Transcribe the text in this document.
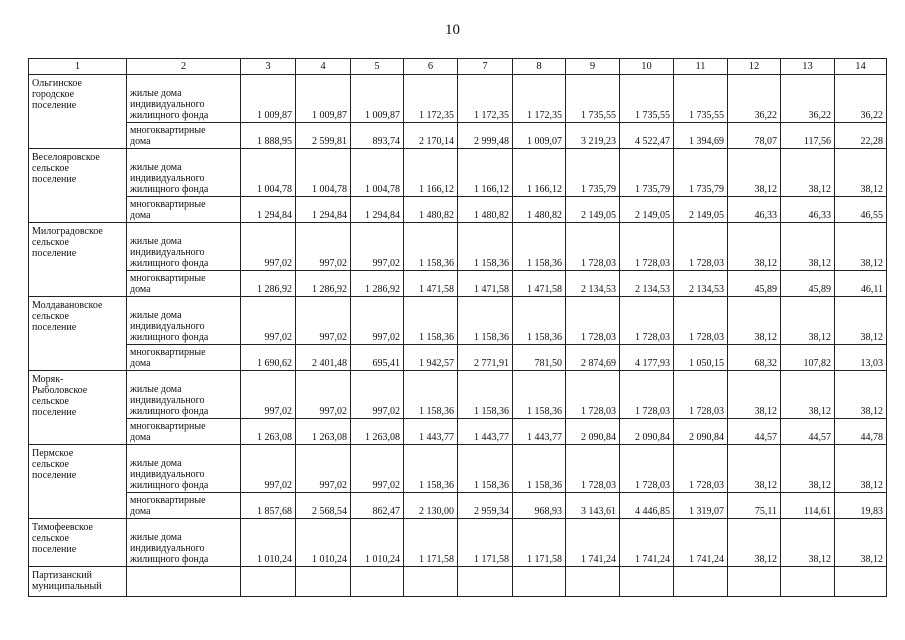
10
1	2	3	4	5	6	7	8	9	10	11	12	13	14

Ольгинское
городское
поселение	жилые дома
индивидуального
жилищного фонда	1 009,87	1 009,87	1 009,87	1 172,35	1 172,35	1 172,35	1 735,55	1 735,55	1 735,55	36,22	36,22	36,22

	многоквартирные
дома	1 888,95	2 599,81	893,74	2 170,14	2 999,48	1 009,07	3 219,23	4 522,47	1 394,69	78,07	117,56	22,28

Веселояровское
сельское
поселение	жилые дома
индивидуального
жилищного фонда	1 004,78	1 004,78	1 004,78	1 166,12	1 166,12	1 166,12	1 735,79	1 735,79	1 735,79	38,12	38,12	38,12

	многоквартирные
дома	1 294,84	1 294,84	1 294,84	1 480,82	1 480,82	1 480,82	2 149,05	2 149,05	2 149,05	46,33	46,33	46,55

Милоградовское
сельское
поселение	жилые дома
индивидуального
жилищного фонда	997,02	997,02	997,02	1 158,36	1 158,36	1 158,36	1 728,03	1 728,03	1 728,03	38,12	38,12	38,12

	многоквартирные
дома	1 286,92	1 286,92	1 286,92	1 471,58	1 471,58	1 471,58	2 134,53	2 134,53	2 134,53	45,89	45,89	46,11

Молдавановское
сельское
поселение	жилые дома
индивидуального
жилищного фонда	997,02	997,02	997,02	1 158,36	1 158,36	1 158,36	1 728,03	1 728,03	1 728,03	38,12	38,12	38,12

	многоквартирные
дома	1 690,62	2 401,48	695,41	1 942,57	2 771,91	781,50	2 874,69	4 177,93	1 050,15	68,32	107,82	13,03

Моряк-
Рыболовское
сельское
поселение	жилые дома
индивидуального
жилищного фонда	997,02	997,02	997,02	1 158,36	1 158,36	1 158,36	1 728,03	1 728,03	1 728,03	38,12	38,12	38,12

	многоквартирные
дома	1 263,08	1 263,08	1 263,08	1 443,77	1 443,77	1 443,77	2 090,84	2 090,84	2 090,84	44,57	44,57	44,78

Пермское
сельское
поселение	жилые дома
индивидуального
жилищного фонда	997,02	997,02	997,02	1 158,36	1 158,36	1 158,36	1 728,03	1 728,03	1 728,03	38,12	38,12	38,12

	многоквартирные
дома	1 857,68	2 568,54	862,47	2 130,00	2 959,34	968,93	3 143,61	4 446,85	1 319,07	75,11	114,61	19,83

Тимофеевское
сельское
поселение	жилые дома
индивидуального
жилищного фонда	1 010,24	1 010,24	1 010,24	1 171,58	1 171,58	1 171,58	1 741,24	1 741,24	1 741,24	38,12	38,12	38,12

Партизанский
муниципальный													
